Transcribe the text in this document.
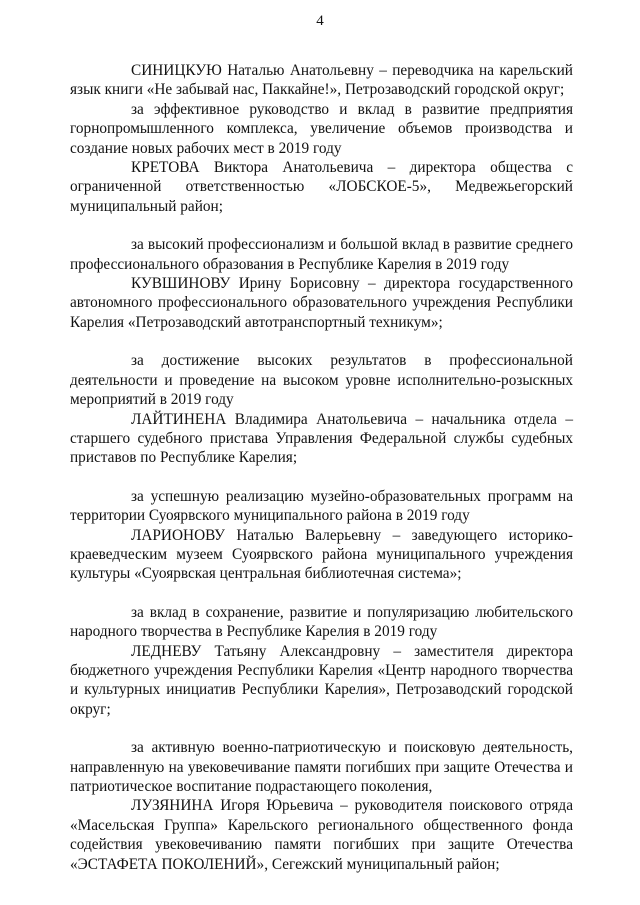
4

СИНИЦКУЮ Наталью Анатольевну – переводчика на карельский язык книги «Не забывай нас, Паккайне!», Петрозаводский городской округ;

за эффективное руководство и вклад в развитие предприятия горнопромышленного комплекса, увеличение объемов производства и создание новых рабочих мест в 2019 году

КРЕТОВА Виктора Анатольевича – директора общества с ограниченной ответственностью «ЛОБСКОЕ-5», Медвежьегорский муниципальный район;

за высокий профессионализм и большой вклад в развитие среднего профессионального образования в Республике Карелия в 2019 году

КУВШИНОВУ Ирину Борисовну – директора государственного автономного профессионального образовательного учреждения Республики Карелия «Петрозаводский автотранспортный техникум»;

за достижение высоких результатов в профессиональной деятельности и проведение на высоком уровне исполнительно-розыскных мероприятий в 2019 году

ЛАЙТИНЕНА Владимира Анатольевича – начальника отдела – старшего судебного пристава Управления Федеральной службы судебных приставов по Республике Карелия;

за успешную реализацию музейно-образовательных программ на территории Суоярвского муниципального района в 2019 году

ЛАРИОНОВУ Наталью Валерьевну – заведующего историко-краеведческим музеем Суоярвского района муниципального учреждения культуры «Суоярвская центральная библиотечная система»;

за вклад в сохранение, развитие и популяризацию любительского народного творчества в Республике Карелия в 2019 году

ЛЕДНЕВУ Татьяну Александровну – заместителя директора бюджетного учреждения Республики Карелия «Центр народного творчества и культурных инициатив Республики Карелия», Петрозаводский городской округ;

за активную военно-патриотическую и поисковую деятельность, направленную на увековечивание памяти погибших при защите Отечества и патриотическое воспитание подрастающего поколения,

ЛУЗЯНИНА Игоря Юрьевича – руководителя поискового отряда «Масельская Группа» Карельского регионального общественного фонда содействия увековечиванию памяти погибших при защите Отечества «ЭСТАФЕТА ПОКОЛЕНИЙ», Сегежский муниципальный район;
